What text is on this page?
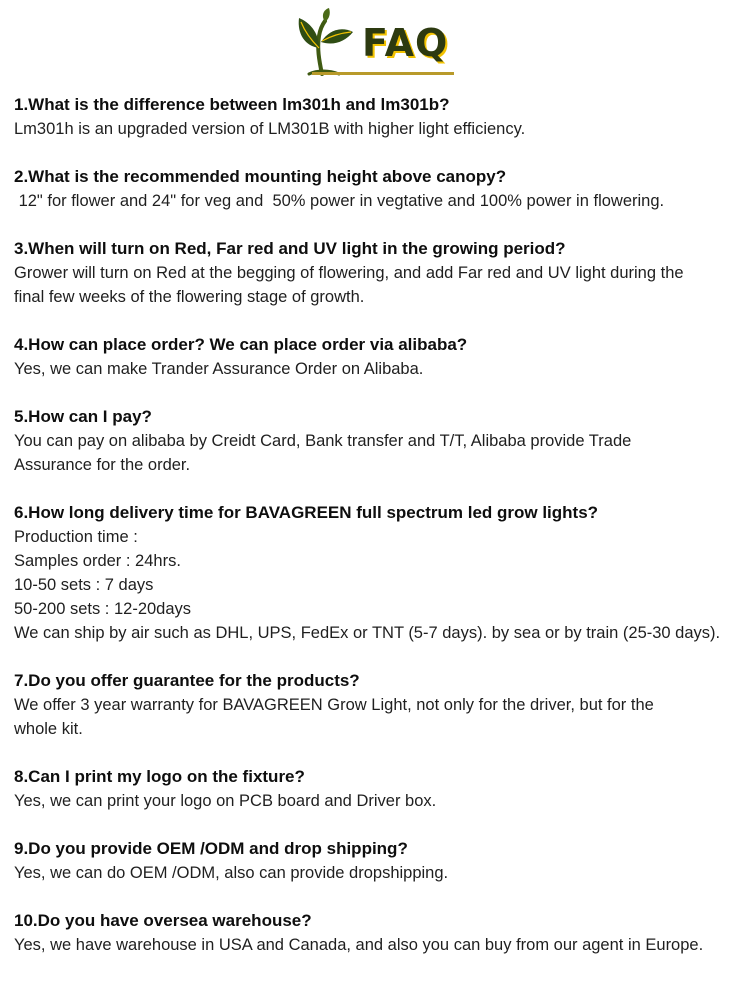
FAQ
1.What is the difference between lm301h and lm301b?
Lm301h is an upgraded version of LM301B with higher light efficiency.
2.What is the recommended mounting height above canopy?
12" for flower and 24" for veg and  50% power in vegtative and 100% power in flowering.
3.When will turn on Red, Far red and UV light in the growing period?
Grower will turn on Red at the begging of flowering, and add Far red and UV light during the
final few weeks of the flowering stage of growth.
4.How can place order? We can place order via alibaba?
Yes, we can make Trander Assurance Order on Alibaba.
5.How can I pay?
You can pay on alibaba by Creidt Card, Bank transfer and T/T, Alibaba provide Trade
Assurance for the order.
6.How long delivery time for BAVAGREEN full spectrum led grow lights?
Production time :
Samples order : 24hrs.
10-50 sets : 7 days
50-200 sets : 12-20days
We can ship by air such as DHL, UPS, FedEx or TNT (5-7 days). by sea or by train (25-30 days).
7.Do you offer guarantee for the products?
We offer 3 year warranty for BAVAGREEN Grow Light, not only for the driver, but for the
whole kit.
8.Can I print my logo on the fixture?
Yes, we can print your logo on PCB board and Driver box.
9.Do you provide OEM /ODM and drop shipping?
Yes, we can do OEM /ODM, also can provide dropshipping.
10.Do you have oversea warehouse?
Yes, we have warehouse in USA and Canada, and also you can buy from our agent in Europe.
